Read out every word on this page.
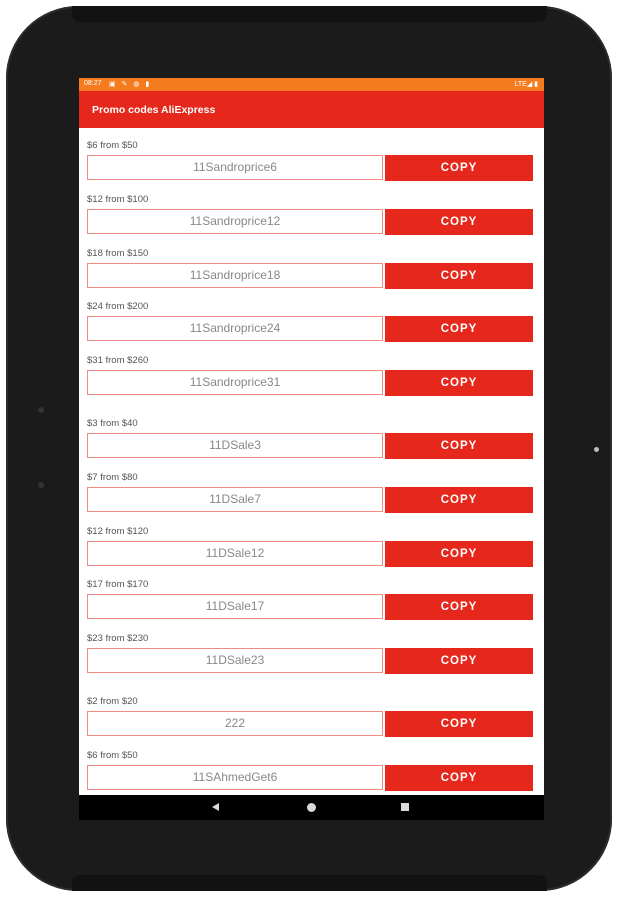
08:27 ▣ ✎ ◍ ▮	LTE◢ ▮
Promo codes AliExpress
$6 from $50
11Sandroprice6	COPY
$12 from $100
11Sandroprice12	COPY
$18 from $150
11Sandroprice18	COPY
$24 from $200
11Sandroprice24	COPY
$31 from $260
11Sandroprice31	COPY
$3 from $40
11DSale3	COPY
$7 from $80
11DSale7	COPY
$12 from $120
11DSale12	COPY
$17 from $170
11DSale17	COPY
$23 from $230
11DSale23	COPY
$2 from $20
222	COPY
$6 from $50
11SAhmedGet6	COPY
